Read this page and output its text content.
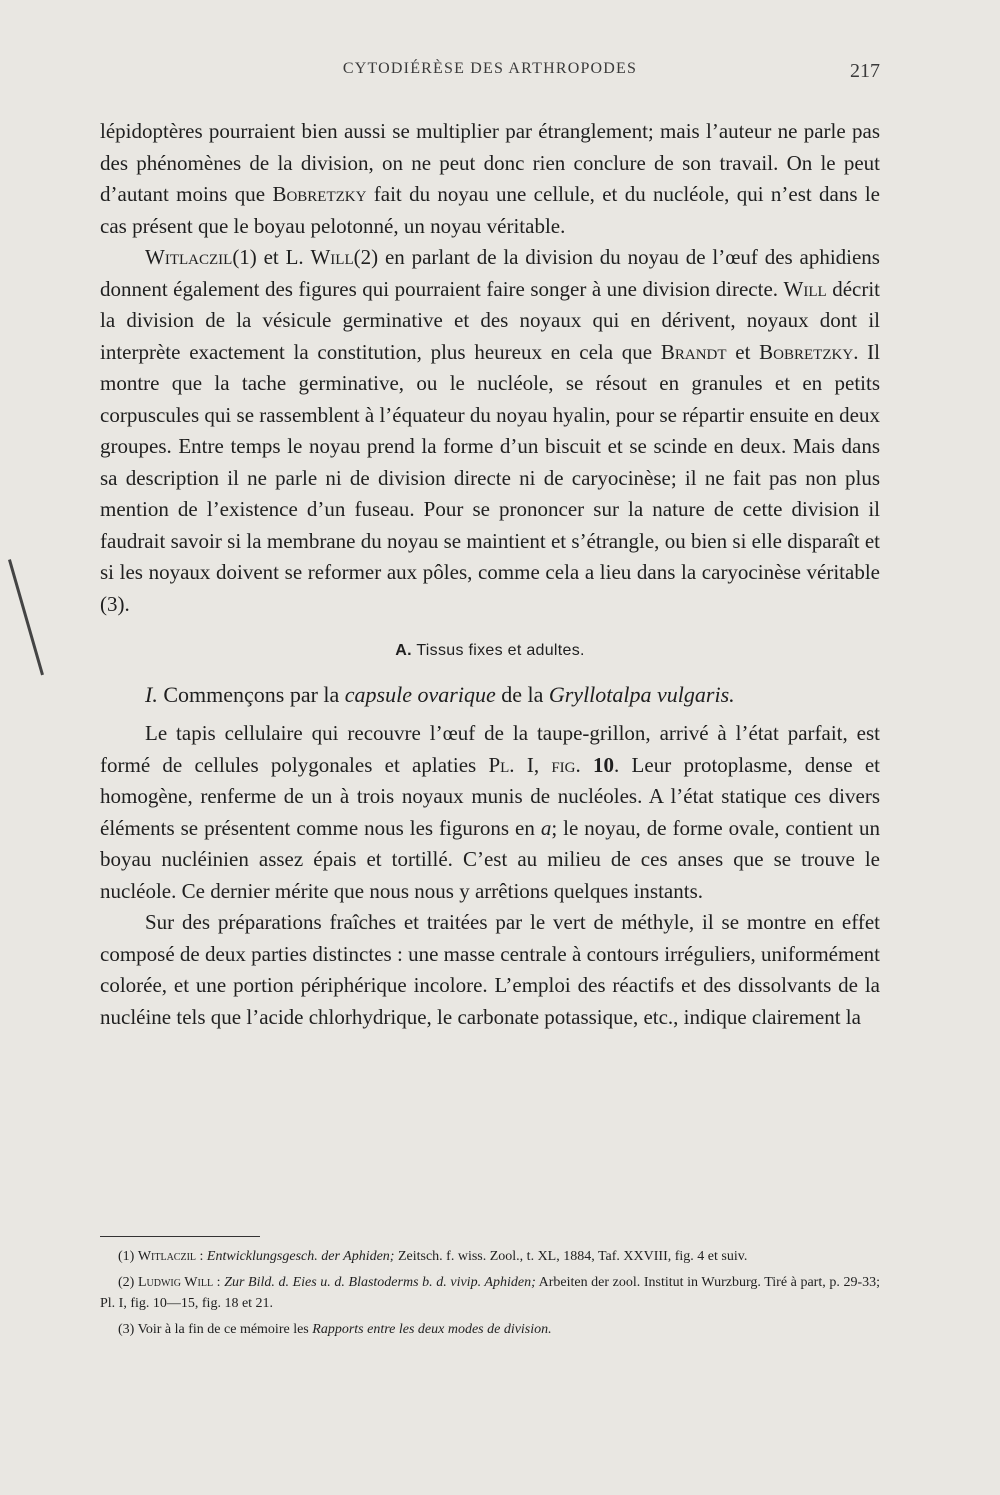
CYTODIÉRÈSE DES ARTHROPODES	217

lépidoptères pourraient bien aussi se multiplier par étranglement; mais l’auteur ne parle pas des phénomènes de la division, on ne peut donc rien conclure de son travail. On le peut d’autant moins que Bobretzky fait du noyau une cellule, et du nucléole, qui n’est dans le cas présent que le boyau pelotonné, un noyau véritable.

Witlaczil(1) et L. Will(2) en parlant de la division du noyau de l’œuf des aphidiens donnent également des figures qui pourraient faire songer à une division directe. Will décrit la division de la vésicule germinative et des noyaux qui en dérivent, noyaux dont il interprète exactement la constitution, plus heureux en cela que Brandt et Bobretzky. Il montre que la tache germinative, ou le nucléole, se résout en granules et en petits corpuscules qui se rassemblent à l’équateur du noyau hyalin, pour se répartir ensuite en deux groupes. Entre temps le noyau prend la forme d’un biscuit et se scinde en deux. Mais dans sa description il ne parle ni de division directe ni de caryocinèse; il ne fait pas non plus mention de l’existence d’un fuseau. Pour se prononcer sur la nature de cette division il faudrait savoir si la membrane du noyau se maintient et s’étrangle, ou bien si elle disparaît et si les noyaux doivent se reformer aux pôles, comme cela a lieu dans la caryocinèse véritable (3).

A. Tissus fixes et adultes.

I. Commençons par la capsule ovarique de la Gryllotalpa vulgaris.

Le tapis cellulaire qui recouvre l’œuf de la taupe-grillon, arrivé à l’état parfait, est formé de cellules polygonales et aplaties Pl. I, fig. 10. Leur protoplasme, dense et homogène, renferme de un à trois noyaux munis de nucléoles. A l’état statique ces divers éléments se présentent comme nous les figurons en a; le noyau, de forme ovale, contient un boyau nucléinien assez épais et tortillé. C’est au milieu de ces anses que se trouve le nucléole. Ce dernier mérite que nous nous y arrêtions quelques instants.

Sur des préparations fraîches et traitées par le vert de méthyle, il se montre en effet composé de deux parties distinctes : une masse centrale à contours irréguliers, uniformément colorée, et une portion périphérique incolore. L’emploi des réactifs et des dissolvants de la nucléine tels que l’acide chlorhydrique, le carbonate potassique, etc., indique clairement la

(1) Witlaczil : Entwicklungsgesch. der Aphiden; Zeitsch. f. wiss. Zool., t. XL, 1884, Taf. XXVIII, fig. 4 et suiv.

(2) Ludwig Will : Zur Bild. d. Eies u. d. Blastoderms b. d. vivip. Aphiden; Arbeiten der zool. Institut in Wurzburg. Tiré à part, p. 29-33; Pl. I, fig. 10—15, fig. 18 et 21.

(3) Voir à la fin de ce mémoire les Rapports entre les deux modes de division.
